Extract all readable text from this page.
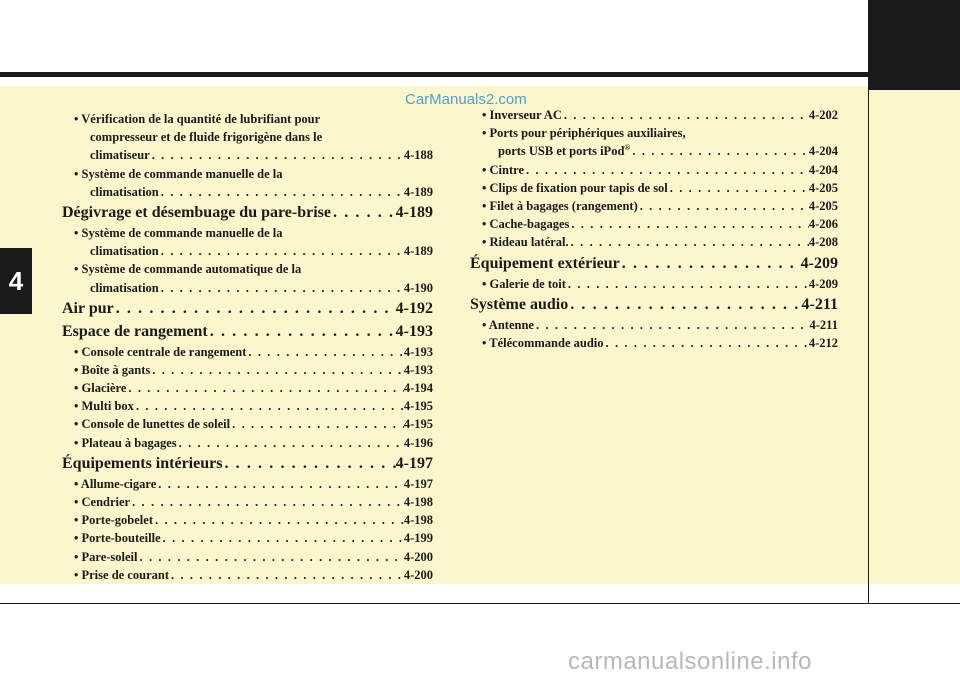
4
CarManuals2.com
carmanualsonline.info
• Vérification de la quantité de lubrifiant pour
compresseur et de fluide frigorigène dans le
climatiseur . . .	4-188
• Système de commande manuelle de la
climatisation . . .	4-189
Dégivrage et désembuage du pare-brise . . .	4-189
• Système de commande manuelle de la
climatisation . . .	4-189
• Système de commande automatique de la
climatisation . . .	4-190
Air pur . . .	4-192
Espace de rangement . . .	4-193
• Console centrale de rangement . . .	4-193
• Boîte à gants . . .	4-193
• Glacière . . .	4-194
• Multi box . . .	4-195
• Console de lunettes de soleil . . .	4-195
• Plateau à bagages . . .	4-196
Équipements intérieurs . . .	4-197
• Allume-cigare . . .	4-197
• Cendrier . . .	4-198
• Porte-gobelet . . .	4-198
• Porte-bouteille . . .	4-199
• Pare-soleil . . .	4-200
• Prise de courant . . .	4-200
• Inverseur AC . . .	4-202
• Ports pour périphériques auxiliaires,
ports USB et ports iPod® . . .	4-204
• Cintre . . .	4-204
• Clips de fixation pour tapis de sol . . .	4-205
• Filet à bagages (rangement) . . .	4-205
• Cache-bagages . . .	4-206
• Rideau latéral. . . .	4-208
Équipement extérieur . . .	4-209
• Galerie de toit . . .	4-209
Système audio . . .	4-211
• Antenne . . .	4-211
• Télécommande audio . . .	4-212
